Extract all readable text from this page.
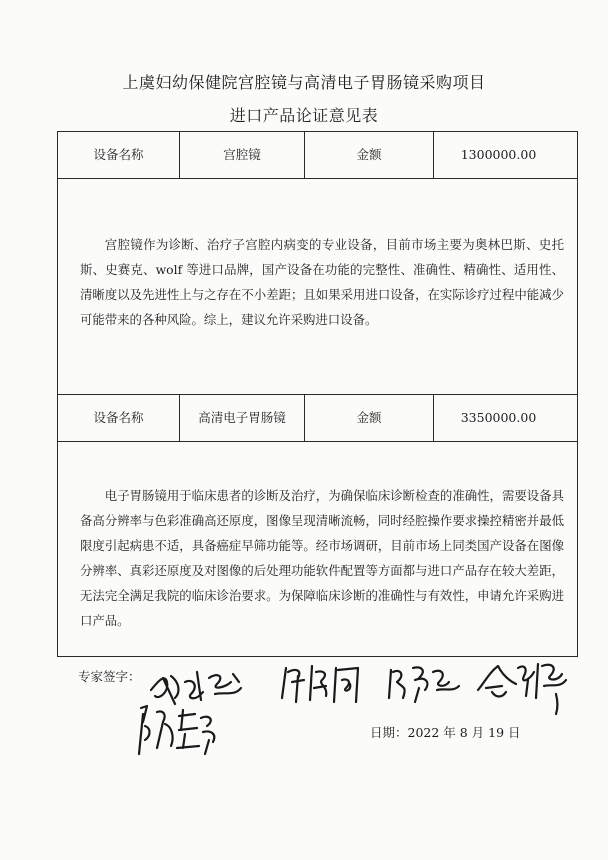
上虞妇幼保健院宫腔镜与高清电子胃肠镜采购项目
进口产品论证意见表
设备名称	宫腔镜	金额	1300000.00
宫腔镜作为诊断、治疗子宫腔内病变的专业设备，目前市场主要为奥林巴斯、史托斯、史赛克、wolf 等进口品牌，国产设备在功能的完整性、准确性、精确性、适用性、清晰度以及先进性上与之存在不小差距；且如果采用进口设备，在实际诊疗过程中能减少可能带来的各种风险。综上，建议允许采购进口设备。
设备名称	高清电子胃肠镜	金额	3350000.00
电子胃肠镜用于临床患者的诊断及治疗，为确保临床诊断检查的准确性，需要设备具备高分辨率与色彩准确高还原度，图像呈现清晰流畅，同时经腔操作要求操控精密并最低限度引起病患不适，具备癌症早筛功能等。经市场调研，目前市场上同类国产设备在图像分辨率、真彩还原度及对图像的后处理功能软件配置等方面都与进口产品存在较大差距，无法完全满足我院的临床诊治要求。为保障临床诊断的准确性与有效性，申请允许采购进口产品。
专家签字：
日期：2022 年 8 月 19 日
